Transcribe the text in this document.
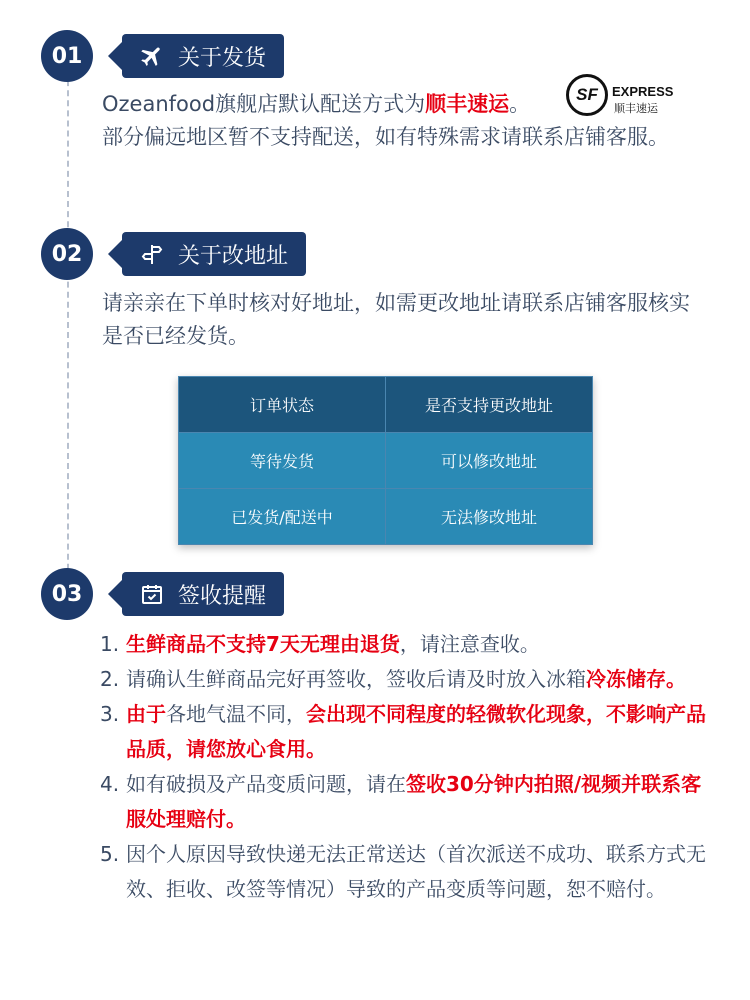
01	关于发货
Ozeanfood旗舰店默认配送方式为顺丰速运。
部分偏远地区暂不支持配送，如有特殊需求请联系店铺客服。
SF	EXPRESS
顺丰速运
02	关于改地址
请亲亲在下单时核对好地址，如需更改地址请联系店铺客服核实是否已经发货。
订单状态	是否支持更改地址
等待发货	可以修改地址
已发货/配送中	无法修改地址
03	签收提醒
1. 生鲜商品不支持7天无理由退货，请注意查收。
2. 请确认生鲜商品完好再签收，签收后请及时放入冰箱冷冻储存。
3. 由于各地气温不同，会出现不同程度的轻微软化现象，不影响产品品质，请您放心食用。
4. 如有破损及产品变质问题，请在签收30分钟内拍照/视频并联系客服处理赔付。
5. 因个人原因导致快递无法正常送达（首次派送不成功、联系方式无效、拒收、改签等情况）导致的产品变质等问题，恕不赔付。
